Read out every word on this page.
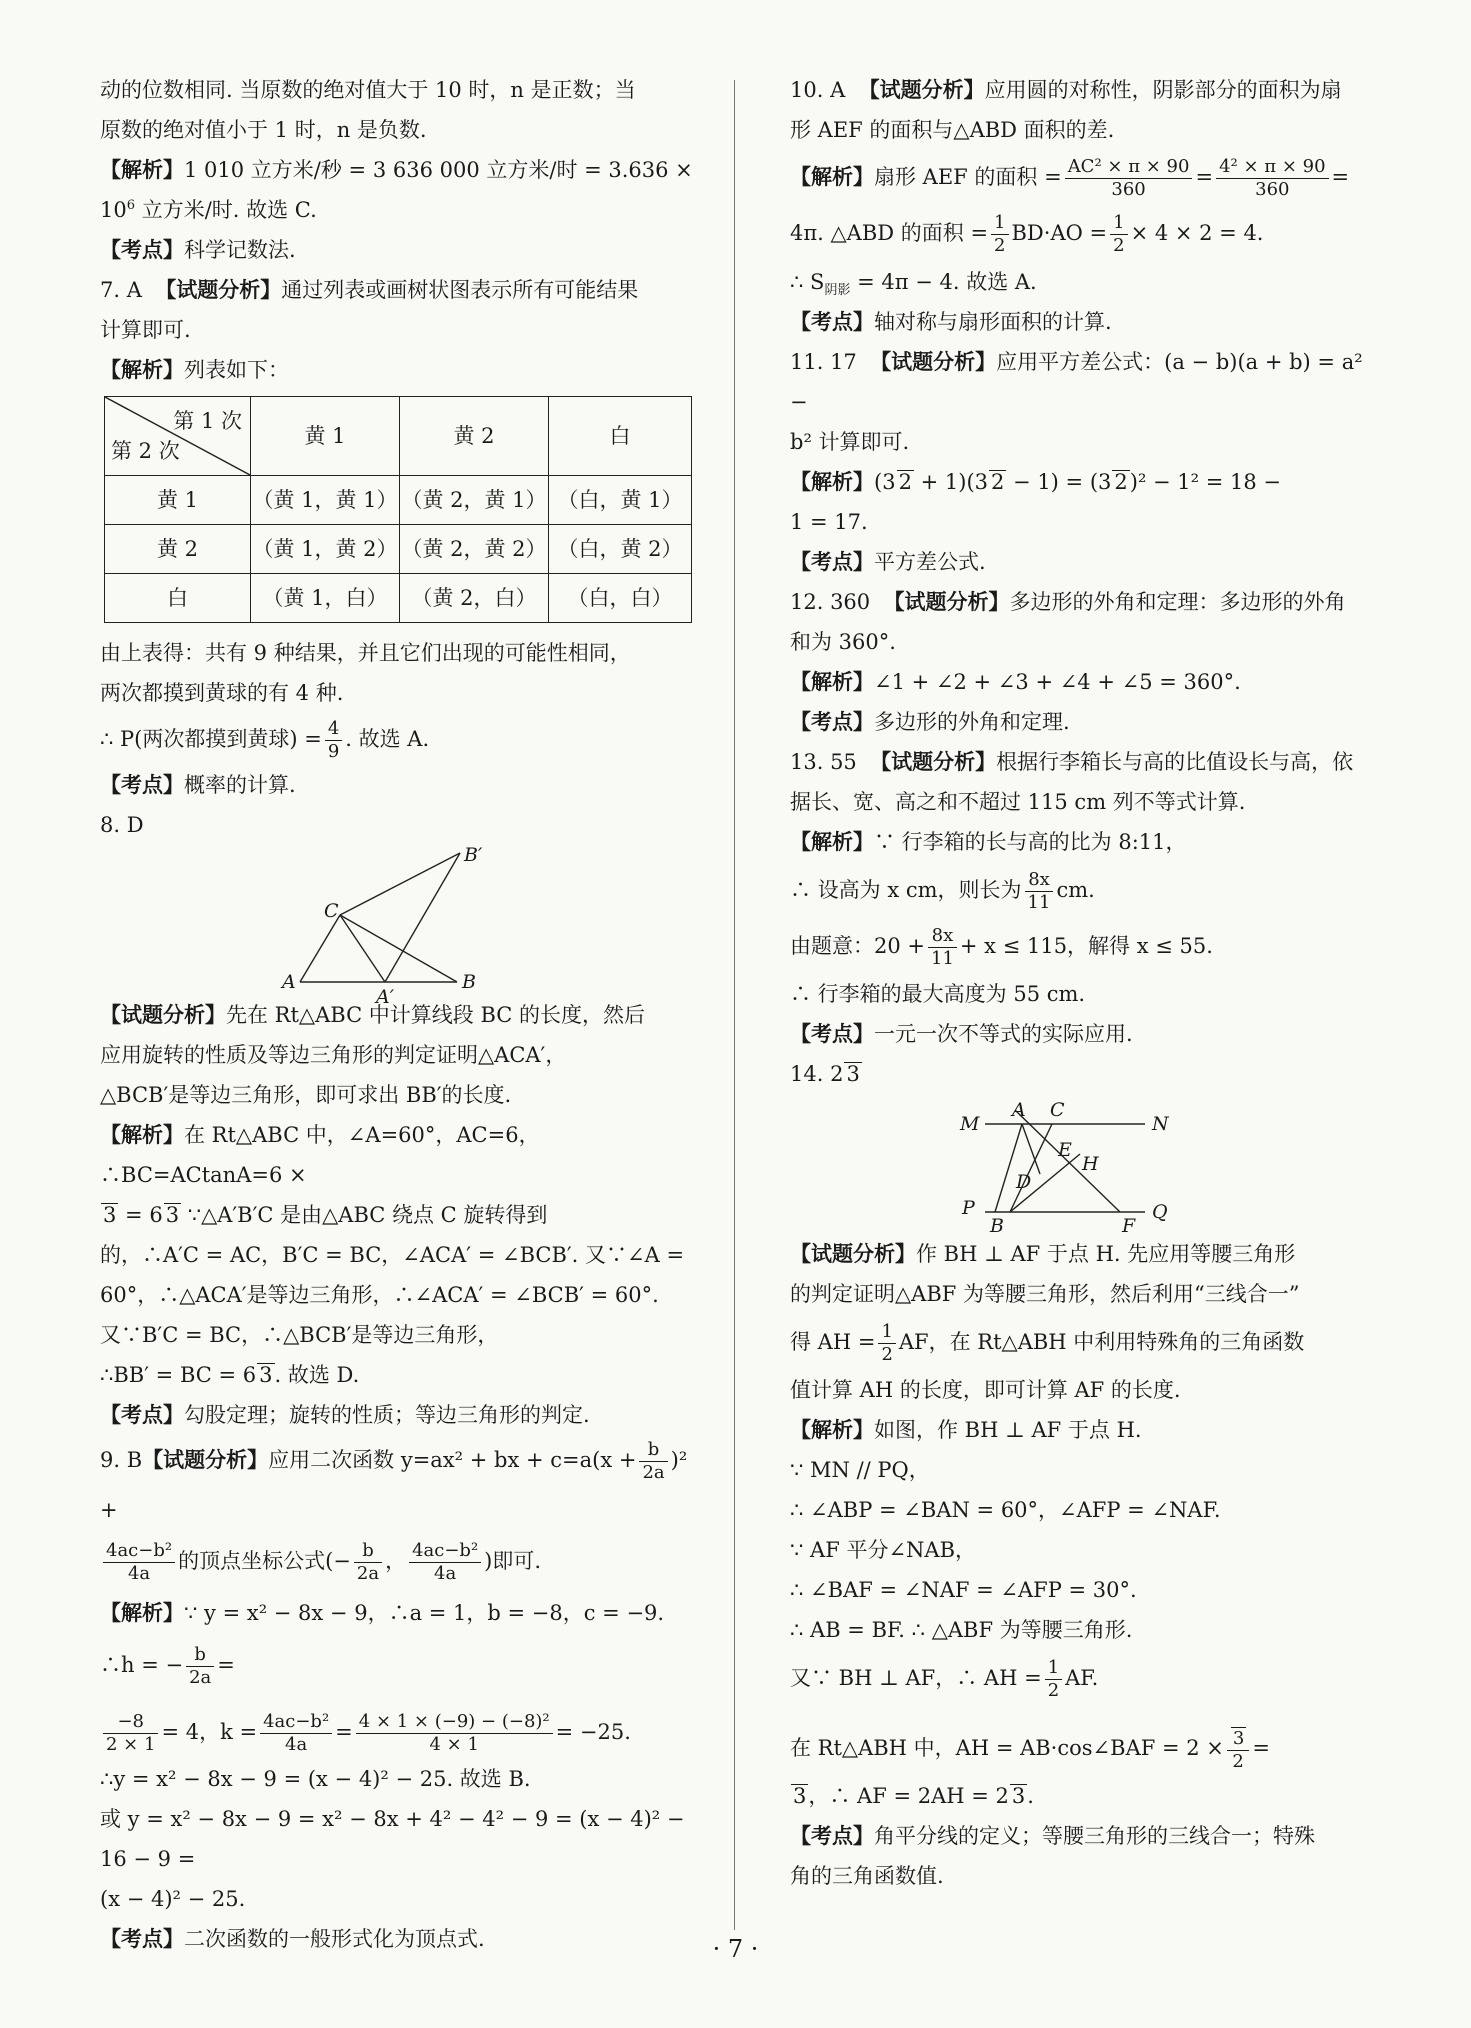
动的位数相同. 当原数的绝对值大于 10 时，n 是正数；当

原数的绝对值小于 1 时，n 是负数.

【解析】1 010 立方米/秒 = 3 636 000 立方米/时 = 3.636 ×

$10^6$ 立方米/时. 故选 C.

【考点】科学记数法.

7. A 【试题分析】通过列表或画树状图表示所有可能结果

计算即可.

【解析】列表如下：

第 1 次
第 2 次	黄 1	黄 2	白
黄 1	（黄 1，黄 1）	（黄 2，黄 1）	（白，黄 1）
黄 2	（黄 1，黄 2）	（黄 2，黄 2）	（白，黄 2）
白	（黄 1，白）	（黄 2，白）	（白，白）

由上表得：共有 9 种结果，并且它们出现的可能性相同，

两次都摸到黄球的有 4 种.

∴ P(两次都摸到黄球) = $\frac{4}{9}$ . 故选 A.

【考点】概率的计算.

8. D

B′
C
A
A′
B

【试题分析】先在 Rt△ABC 中计算线段 BC 的长度，然后

应用旋转的性质及等边三角形的判定证明△ACA′，

△BCB′是等边三角形，即可求出 BB′的长度.

【解析】在 Rt△ABC 中，∠A=60°，AC=6，∴BC=ACtanA=6 ×

3 = 6 3 ∵△A′B′C 是由△ABC 绕点 C 旋转得到

的，∴A′C = AC，B′C = BC，∠ACA′ = ∠BCB′. 又∵∠A =

60°，∴△ACA′是等边三角形，∴∠ACA′ = ∠BCB′ = 60°.

又∵B′C = BC，∴△BCB′是等边三角形，

∴BB′ = BC = 6 3. 故选 D.

【考点】勾股定理；旋转的性质；等边三角形的判定.

9. B【试题分析】应用二次函数 y=ax² + bx + $c=a(x + \frac{b}{2a} )^2$ +

$\frac{\text{4ac−b²}}{4a}$ 的顶点坐标公式(− $\frac{b}{2a}$ ， $\frac{\text{4ac−b²}}{4a}$ )即可.

【解析】∵ y = x² − 8x − 9，∴a = 1，b = −8，c = −9. ∴h = − $\frac{b}{2a}$ =

$\frac{-8}{2 \times 1} = 4$，$k = \frac{\text{4ac−b²}}{4a} = \frac{\text{4 × 1 × (−9) − (−8)²}}{4 \times 1} = -25$.

∴y = x² − 8x − 9 = (x − 4)² − 25. 故选 B.

或 y = x² − 8x − 9 = x² − 8x + 4² − 4² − 9 = (x − 4)² − 16 − 9 =

(x − 4)² − 25.

【考点】二次函数的一般形式化为顶点式.

10. A 【试题分析】应用圆的对称性，阴影部分的面积为扇

形 AEF 的面积与△ABD 面积的差.

【解析】扇形 AEF 的面积 = $\frac{\text{AC² × π × 90}}{360} = \frac{\text{4² × π × 90}}{360}$ =

4π. △ABD 的面积 = $\frac{1}{2} BD\cdot AO = \frac{1}{2} \times 4 \times 2 = 4$.

∴ $S_{阴影} = 4\pi - 4$. 故选 A.

【考点】轴对称与扇形面积的计算.

11. 17 【试题分析】应用平方差公式：(a − b)(a + b) = a² −

b² 计算即可.

【解析】(3 2 + 1)(3 2 − 1) = (3 2)² − 1² = 18 −

1 = 17.

【考点】平方差公式.

12. 360 【试题分析】多边形的外角和定理：多边形的外角

和为 360°.

【解析】∠1 + ∠2 + ∠3 + ∠4 + ∠5 = 360°.

【考点】多边形的外角和定理.

13. 55 【试题分析】根据行李箱长与高的比值设长与高，依

据长、宽、高之和不超过 115 cm 列不等式计算.

【解析】∵ 行李箱的长与高的比为 8:11，

∴ 设高为 x cm，则长为 $\frac{8x}{11}$ cm.

由题意：$20 + \frac{8x}{11} + x \le 115$，解得 x ≤ 55.

∴ 行李箱的最大高度为 55 cm.

【考点】一元一次不等式的实际应用.

14. 2 3

M
A C
N
E
H
D
P
B	F
Q

【试题分析】作 BH ⊥ AF 于点 H. 先应用等腰三角形

的判定证明△ABF 为等腰三角形，然后利用“三线合一”

得 AH = $\frac{1}{2}$ AF，在 Rt△ABH 中利用特殊角的三角函数

值计算 AH 的长度，即可计算 AF 的长度.

【解析】如图，作 BH ⊥ AF 于点 H.

∵ MN // PQ，

∴ ∠ABP = ∠BAN = 60°，∠AFP = ∠NAF.

∵ AF 平分∠NAB，

∴ ∠BAF = ∠NAF = ∠AFP = 30°.

∴ AB = BF. ∴ △ABF 为等腰三角形.

又∵ BH ⊥ AF，∴ AH = $\frac{1}{2}$ AF.

在 Rt△ABH 中，AH = AB·cos∠BAF = $2 \times \frac{3}{2}$ =

3，∴ AF = 2AH = 2 3.

【考点】角平分线的定义；等腰三角形的三线合一；特殊

角的三角函数值.

· 7 ·
